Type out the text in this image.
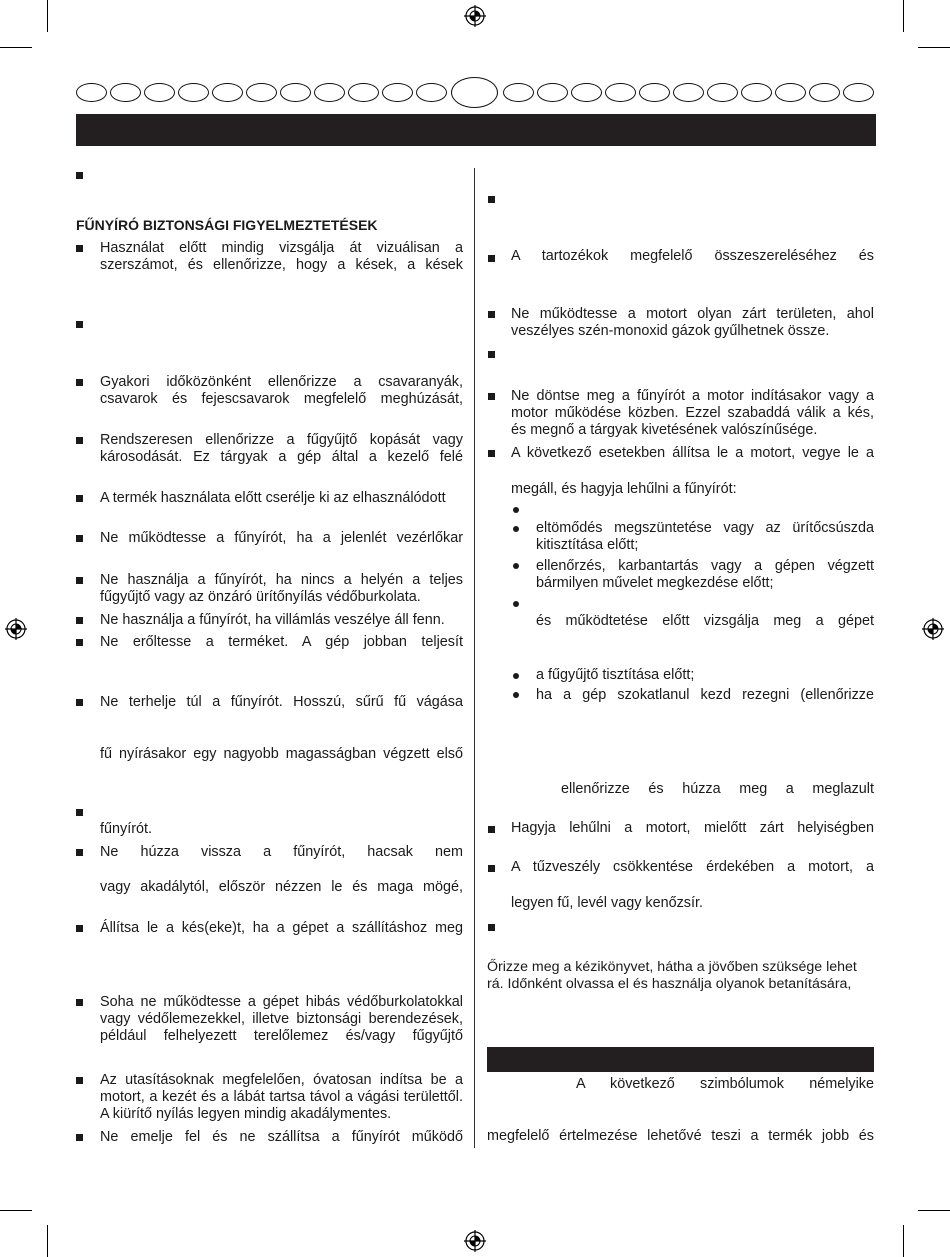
FŰNYÍRÓ BIZTONSÁGI FIGYELMEZTETÉSEK
Használat előtt mindig vizsgálja át vizuálisan a
szerszámot, és ellenőrizze, hogy a kések, a kések
Gyakori időközönként ellenőrizze a csavaranyák,
csavarok és fejescsavarok megfelelő meghúzását,
Rendszeresen ellenőrizze a fűgyűjtő kopását vagy
károsodását. Ez tárgyak a gép által a kezelő felé
A termék használata előtt cserélje ki az elhasználódott
Ne működtesse a fűnyírót, ha a jelenlét vezérlőkar
Ne használja a fűnyírót, ha nincs a helyén a teljes
fűgyűjtő vagy az önzáró ürítőnyílás védőburkolata.
Ne használja a fűnyírót, ha villámlás veszélye áll fenn.
Ne erőltesse a terméket. A gép jobban teljesít
Ne terhelje túl a fűnyírót. Hosszú, sűrű fű vágása
fű nyírásakor egy nagyobb magasságban végzett első
fűnyírót.
Ne húzza vissza a fűnyírót, hacsak nem
vagy akadálytól, először nézzen le és maga mögé,
Állítsa le a kés(eke)t, ha a gépet a szállításhoz meg
Soha ne működtesse a gépet hibás védőburkolatokkal
vagy védőlemezekkel, illetve biztonsági berendezések,
például felhelyezett terelőlemez és/vagy fűgyűjtő
Az utasításoknak megfelelően, óvatosan indítsa be a
motort, a kezét és a lábát tartsa távol a vágási területtől.
A kiürítő nyílás legyen mindig akadálymentes.
Ne emelje fel és ne szállítsa a fűnyírót működő
A tartozékok megfelelő összeszereléséhez és
Ne működtesse a motort olyan zárt területen, ahol
veszélyes szén-monoxid gázok gyűlhetnek össze.
Ne döntse meg a fűnyírót a motor indításakor vagy a
motor működése közben. Ezzel szabaddá válik a kés,
és megnő a tárgyak kivetésének valószínűsége.
A következő esetekben állítsa le a motort, vegye le a
megáll, és hagyja lehűlni a fűnyírót:
eltömődés megszüntetése vagy az ürítőcsúszda
kitisztítása előtt;
ellenőrzés, karbantartás vagy a gépen végzett
bármilyen művelet megkezdése előtt;
és működtetése előtt vizsgálja meg a gépet
a fűgyűjtő tisztítása előtt;
ha a gép szokatlanul kezd rezegni (ellenőrizze
ellenőrizze és húzza meg a meglazult
Hagyja lehűlni a motort, mielőtt zárt helyiségben
A tűzveszély csökkentése érdekében a motort, a
legyen fű, levél vagy kenőzsír.
Őrizze meg a kézikönyvet, hátha a jövőben szüksége lehet
rá. Időnként olvassa el és használja olyanok betanítására,
A következő szimbólumok némelyike
megfelelő értelmezése lehetővé teszi a termék jobb és
